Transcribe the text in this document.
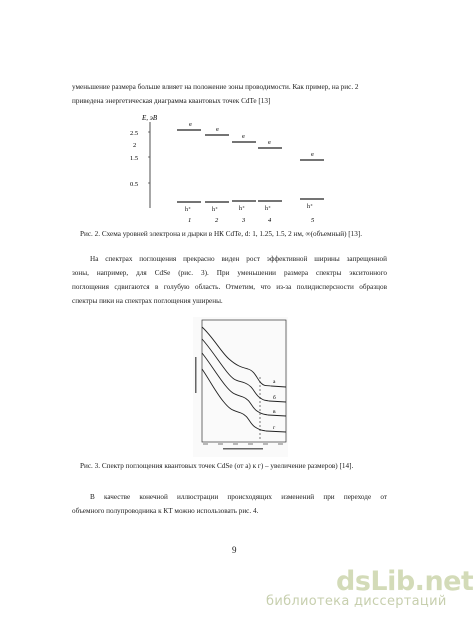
уменьшение размера больше влияет на положение зоны проводимости. Как пример, на рис. 2
приведена энергетическая диаграмма квантовых точек CdTe [13]
E, эВ
2.5
2
1.5
0.5
e
e
e
e
e
h⁺	h⁺	h⁺	h⁺	h⁺
1	2	3	4	5
Рис. 2. Схема уровней электрона и дырки в НК CdTe, d: 1, 1.25, 1.5, 2 нм, ∞(объемный) [13].
На спектрах поглощения прекрасно виден рост эффективной ширины запрещенной
зоны, например, для CdSe (рис. 3). При уменьшении размера спектры экситонного
поглощения сдвигаются в голубую область. Отметим, что из-за полидисперсности образцов
спектры пики на спектрах поглощения уширены.
а
б
в
г
Рис. 3. Спектр поглощения квантовых точек CdSe (от а) к г) – увеличение размеров) [14].
В качестве конечной иллюстрации происходящих изменений при переходе от
объемного полупроводника к КТ можно использовать рис. 4.
9
dsLib.net
библиотека диссертаций
